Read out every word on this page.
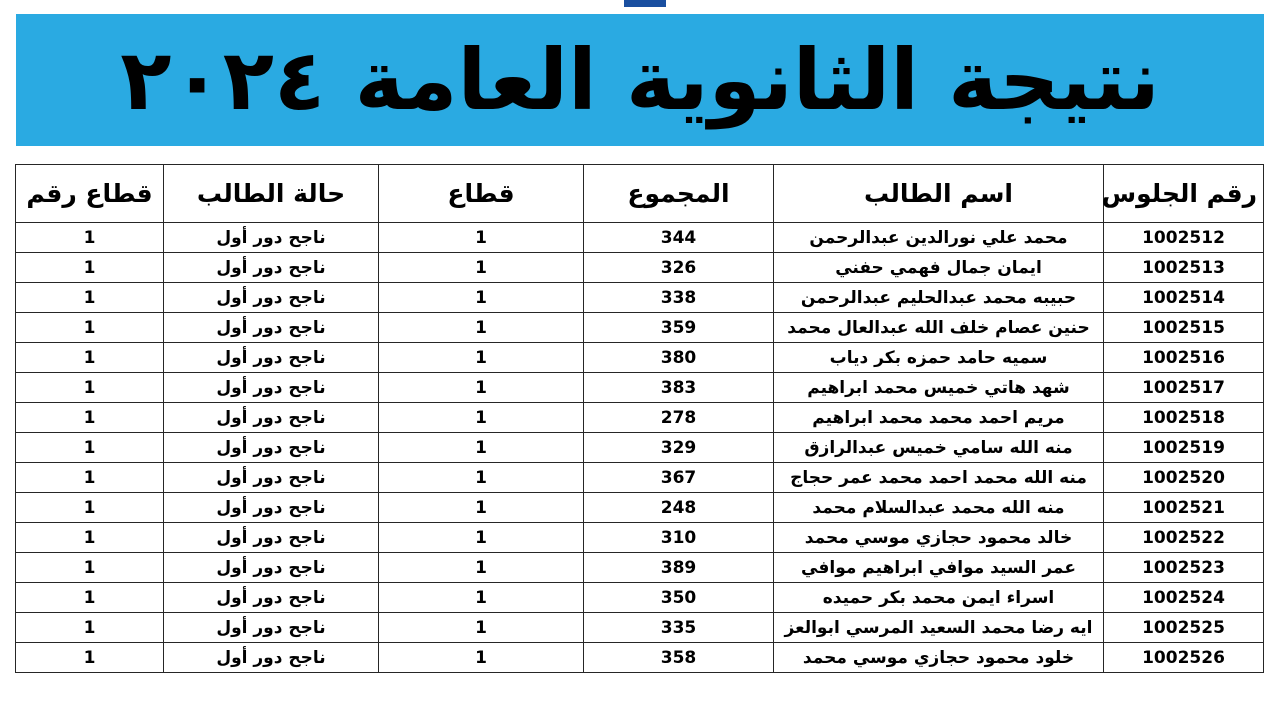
نتيجة الثانوية العامة ٢٠٢٤
رقم الجلوس	اسم الطالب	المجموع	قطاع	حالة الطالب	قطاع رقم
1002512	محمد علي نورالدين عبدالرحمن	344	1	ناجح دور أول	1
1002513	ايمان جمال فهمي حفني	326	1	ناجح دور أول	1
1002514	حبيبه محمد عبدالحليم عبدالرحمن	338	1	ناجح دور أول	1
1002515	حنين عصام خلف الله عبدالعال محمد	359	1	ناجح دور أول	1
1002516	سميه حامد حمزه بكر دياب	380	1	ناجح دور أول	1
1002517	شهد هاتي خميس محمد ابراهيم	383	1	ناجح دور أول	1
1002518	مريم احمد محمد محمد ابراهيم	278	1	ناجح دور أول	1
1002519	منه الله سامي خميس عبدالرازق	329	1	ناجح دور أول	1
1002520	منه الله محمد احمد محمد عمر حجاج	367	1	ناجح دور أول	1
1002521	منه الله محمد عبدالسلام محمد	248	1	ناجح دور أول	1
1002522	خالد محمود حجازي موسي محمد	310	1	ناجح دور أول	1
1002523	عمر السيد موافي ابراهيم موافي	389	1	ناجح دور أول	1
1002524	اسراء ايمن محمد بكر حميده	350	1	ناجح دور أول	1
1002525	ايه رضا محمد السعيد المرسي ابوالعز	335	1	ناجح دور أول	1
1002526	خلود محمود حجازي موسي محمد	358	1	ناجح دور أول	1
